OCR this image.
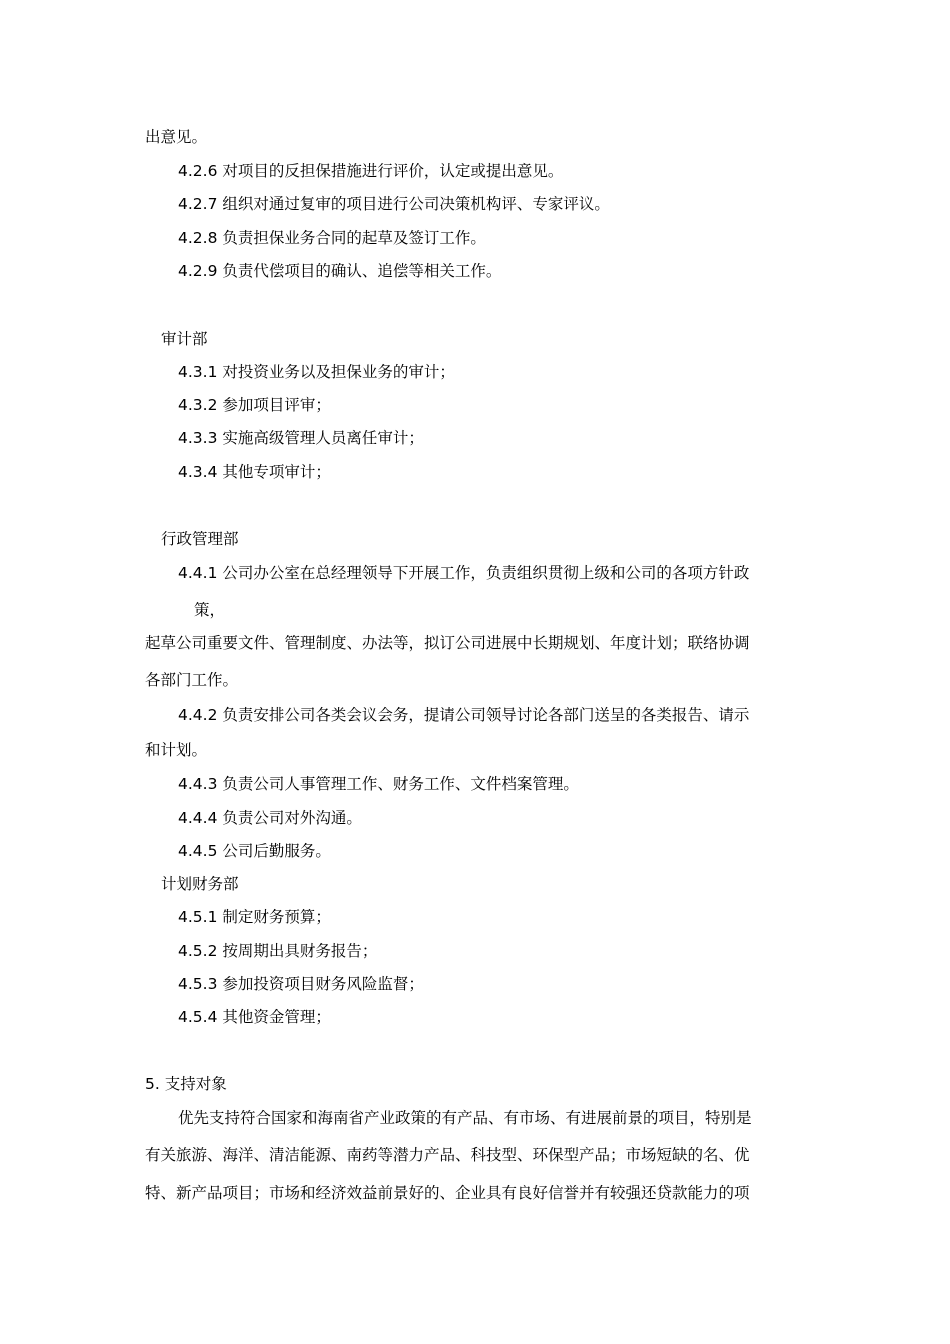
出意见。
4.2.6 对项目的反担保措施进行评价，认定或提出意见。
4.2.7 组织对通过复审的项目进行公司决策机构评、专家评议。
4.2.8 负责担保业务合同的起草及签订工作。
4.2.9 负责代偿项目的确认、追偿等相关工作。
审计部
4.3.1 对投资业务以及担保业务的审计；
4.3.2 参加项目评审；
4.3.3 实施高级管理人员离任审计；
4.3.4 其他专项审计；
行政管理部
4.4.1 公司办公室在总经理领导下开展工作，负责组织贯彻上级和公司的各项方针政
策，
起草公司重要文件、管理制度、办法等，拟订公司进展中长期规划、年度计划；联络协调
各部门工作。
4.4.2 负责安排公司各类会议会务，提请公司领导讨论各部门送呈的各类报告、请示
和计划。
4.4.3 负责公司人事管理工作、财务工作、文件档案管理。
4.4.4 负责公司对外沟通。
4.4.5 公司后勤服务。
计划财务部
4.5.1 制定财务预算；
4.5.2 按周期出具财务报告；
4.5.3 参加投资项目财务风险监督；
4.5.4 其他资金管理；
5. 支持对象
优先支持符合国家和海南省产业政策的有产品、有市场、有进展前景的项目，特别是
有关旅游、海洋、清洁能源、南药等潜力产品、科技型、环保型产品；市场短缺的名、优
特、新产品项目；市场和经济效益前景好的、企业具有良好信誉并有较强还贷款能力的项
